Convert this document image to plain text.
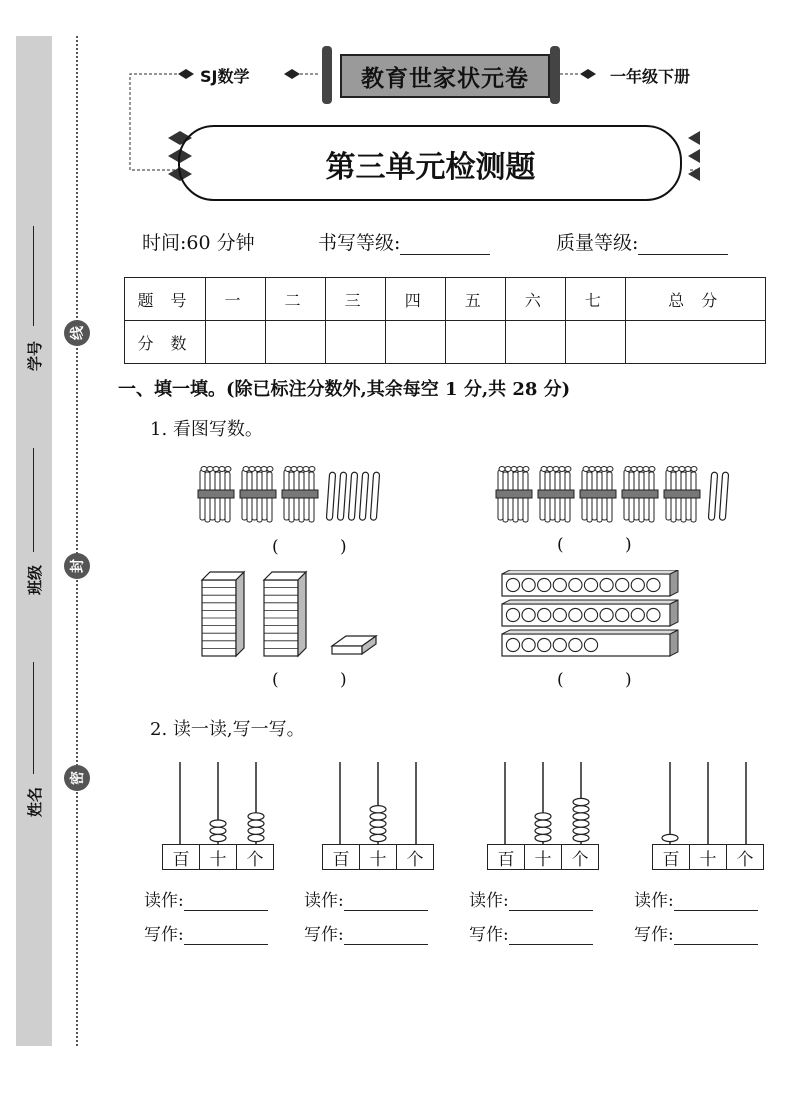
学号
班级
姓名
线
封
密
SJ数学	一年级下册
教育世家状元卷
第三单元检测题
时间:60 分钟	书写等级:	质量等级:
题 号	一	二	三	四	五	六	七	总 分
分 数								
一、填一填。(除已标注分数外,其余每空 1 分,共 28 分)
1. 看图写数。
( )	( )
( )	( )
2. 读一读,写一写。
百	十	个
读作:
写作:
百	十	个
读作:
写作:
百	十	个
读作:
写作:
百	十	个
读作:
写作:
